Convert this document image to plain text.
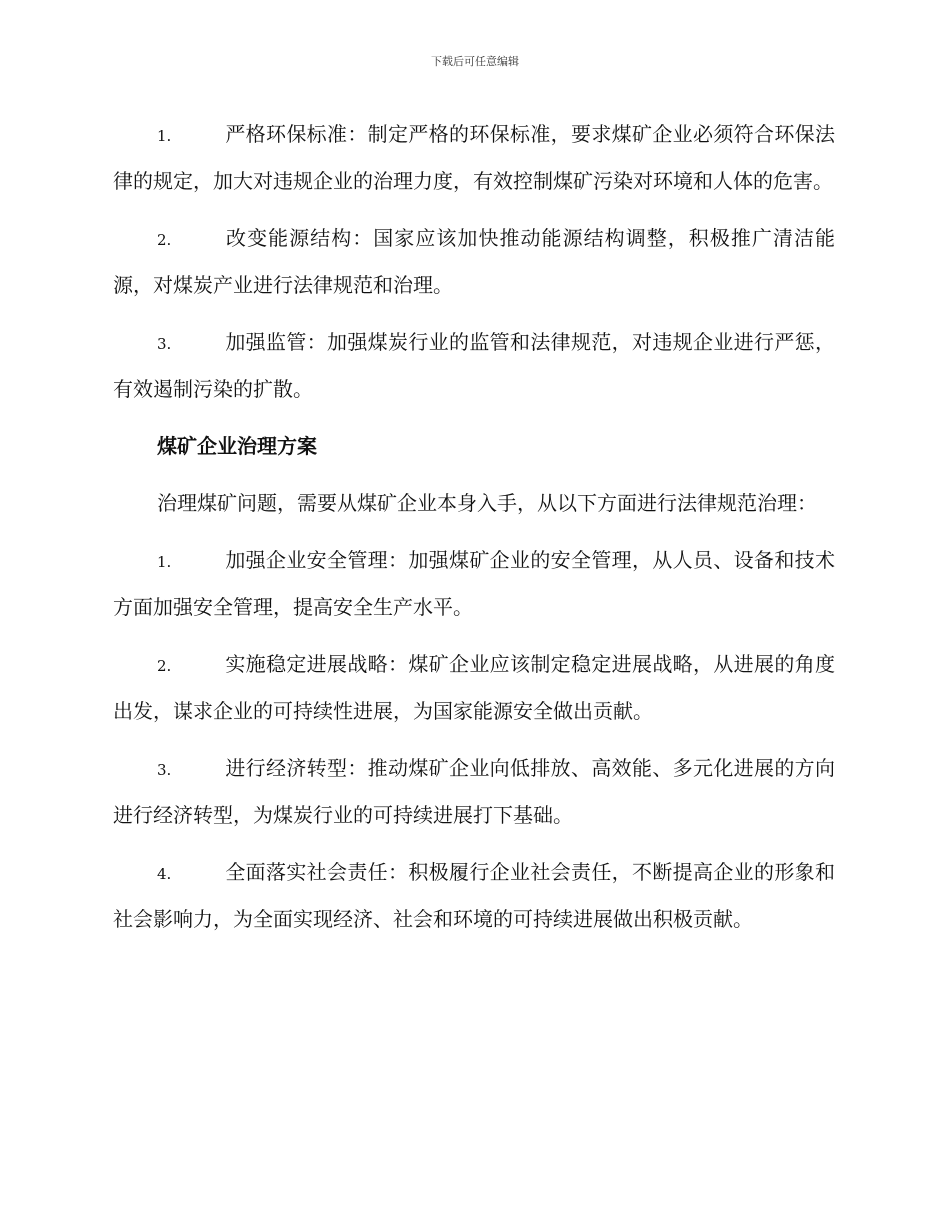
下载后可任意编辑

1.	严格环保标准：制定严格的环保标准，要求煤矿企业必须符合环保法律的规定，加大对违规企业的治理力度，有效控制煤矿污染对环境和人体的危害。

2.	改变能源结构：国家应该加快推动能源结构调整，积极推广清洁能源，对煤炭产业进行法律规范和治理。

3.	加强监管：加强煤炭行业的监管和法律规范，对违规企业进行严惩，有效遏制污染的扩散。

煤矿企业治理方案

治理煤矿问题，需要从煤矿企业本身入手，从以下方面进行法律规范治理：

1.	加强企业安全管理：加强煤矿企业的安全管理，从人员、设备和技术方面加强安全管理，提高安全生产水平。

2.	实施稳定进展战略：煤矿企业应该制定稳定进展战略，从进展的角度出发，谋求企业的可持续性进展，为国家能源安全做出贡献。

3.	进行经济转型：推动煤矿企业向低排放、高效能、多元化进展的方向进行经济转型，为煤炭行业的可持续进展打下基础。

4.	全面落实社会责任：积极履行企业社会责任，不断提高企业的形象和社会影响力，为全面实现经济、社会和环境的可持续进展做出积极贡献。
